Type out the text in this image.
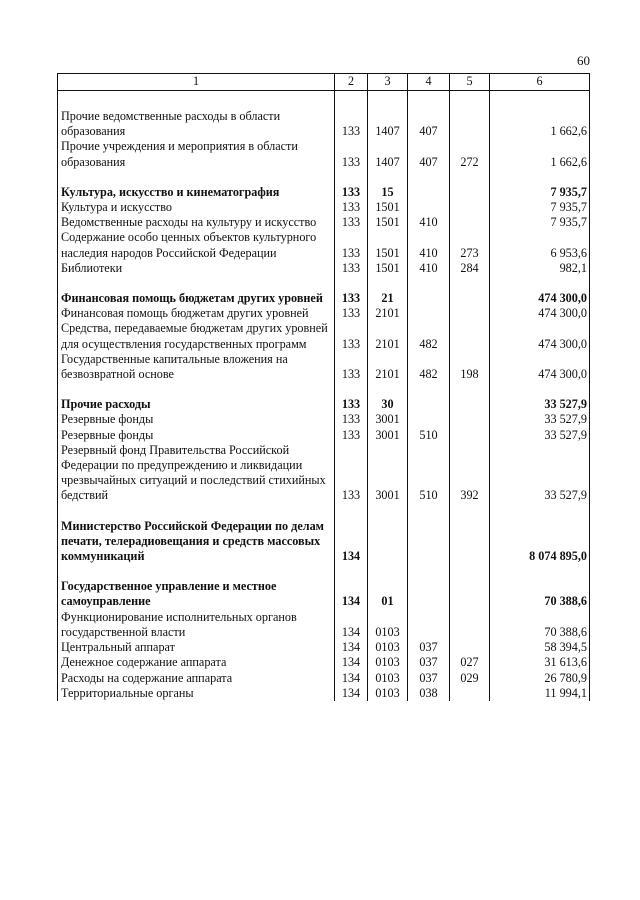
60
1	2	3	4	5	6

Прочие ведомственные расходы в области образования	133	1407	407		1 662,6
Прочие учреждения и мероприятия в области образования	133	1407	407	272	1 662,6

Культура, искусство и кинематография	133	15			7 935,7
Культура и искусство	133	1501			7 935,7
Ведомственные расходы на культуру и искусство	133	1501	410		7 935,7
Содержание особо ценных объектов культурного наследия народов Российской Федерации	133	1501	410	273	6 953,6
Библиотеки	133	1501	410	284	982,1

Финансовая помощь бюджетам других уровней	133	21			474 300,0
Финансовая помощь бюджетам других уровней	133	2101			474 300,0
Средства, передаваемые бюджетам других уровней для осуществления государственных программ	133	2101	482		474 300,0
Государственные капитальные вложения на безвозвратной основе	133	2101	482	198	474 300,0

Прочие расходы	133	30			33 527,9
Резервные фонды	133	3001			33 527,9
Резервные фонды	133	3001	510		33 527,9
Резервный фонд Правительства Российской Федерации по предупреждению и ликвидации чрезвычайных ситуаций и последствий стихийных бедствий	133	3001	510	392	33 527,9

Министерство Российской Федерации по делам печати, телерадиовещания и средств массовых коммуникаций	134				8 074 895,0

Государственное управление и местное самоуправление	134	01			70 388,6
Функционирование исполнительных органов государственной власти	134	0103			70 388,6
Центральный аппарат	134	0103	037		58 394,5
Денежное содержание аппарата	134	0103	037	027	31 613,6
Расходы на содержание аппарата	134	0103	037	029	26 780,9
Территориальные органы	134	0103	038		11 994,1
